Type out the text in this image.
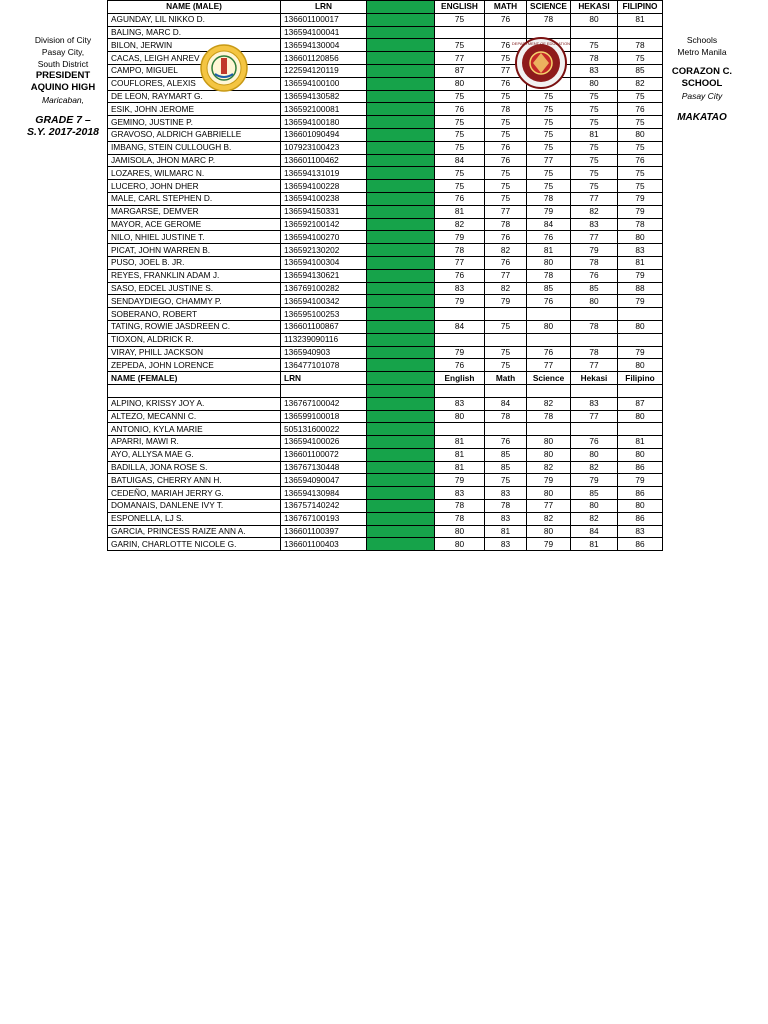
Division of City
Pasay City,
South District
PRESIDENT
AQUINO HIGH
Maricaban,
GRADE 7 –
S.Y. 2017-2018
Schools
Metro Manila
CORAZON C.
SCHOOL
Pasay City
MAKATAO
NAME (MALE)	LRN		ENGLISH	MATH	SCIENCE	HEKASI	FILIPINO
AGUNDAY, LIL NIKKO D.	136601100017		75	76	78	80	81
BALING, MARC D.	136594100041						
BILON, JERWIN	136594130004		75	76		75	78
CACAS, LEIGH ANREV	136601120856		77	75		78	75
CAMPO, MIGUEL	122594120119		87	77		83	85
COUFLORES, ALEXIS	136594100100		80	76		80	82
DE LEON, RAYMART G.	136594130582		75	75	75	75	75
ESIK, JOHN JEROME	136592100081		76	78	75	75	76
GEMINO, JUSTINE P.	136594100180		75	75	75	75	75
GRAVOSO, ALDRICH GABRIELLE	136601090494		75	75	75	81	80
IMBANG, STEIN CULLOUGH B.	107923100423		75	76	75	75	75
JAMISOLA, JHON MARC P.	136601100462		84	76	77	75	76
LOZARES, WILMARC N.	136594131019		75	75	75	75	75
LUCERO, JOHN DHER	136594100228		75	75	75	75	75
MALE, CARL STEPHEN D.	136594100238		76	75	78	77	79
MARGARSE, DEMVER	136594150331		81	77	79	82	79
MAYOR, ACE GEROME	136592100142		82	78	84	83	78
NILO, NHIEL JUSTINE T.	136594100270		79	76	76	77	80
PICAT, JOHN WARREN B.	136592130202		78	82	81	79	83
PUSO, JOEL B. JR.	136594100304		77	76	80	78	81
REYES, FRANKLIN ADAM J.	136594130621		76	77	78	76	79
SASO, EDCEL JUSTINE S.	136769100282		83	82	85	85	88
SENDAYDIEGO, CHAMMY P.	136594100342		79	79	76	80	79
SOBERANO, ROBERT	136595100253						
TATING, ROWIE JASDREEN C.	136601100867		84	75	80	78	80
TIOXON, ALDRICK R.	113239090116						
VIRAY, PHILL JACKSON	1365940903		79	75	76	78	79
ZEPEDA, JOHN LORENCE	136477101078		76	75	77	77	80
NAME (FEMALE)	LRN		English	Math	Science	Hekasi	Filipino

ALPINO, KRISSY JOY A.	136767100042		83	84	82	83	87
ALTEZO, MECANNI C.	136599100018		80	78	78	77	80
ANTONIO, KYLA MARIE	505131600022						
APARRI, MAWI R.	136594100026		81	76	80	76	81
AYO, ALLYSA MAE G.	136601100072		81	85	80	80	80
BADILLA, JONA ROSE S.	136767130448		81	85	82	82	86
BATUIGAS, CHERRY ANN H.	136594090047		79	75	79	79	79
CEDEÑO, MARIAH JERRY G.	136594130984		83	83	80	85	86
DOMANAIS, DANLENE IVY T.	136757140242		78	78	77	80	80
ESPONELLA, LJ S.	136767100193		78	83	82	82	86
GARCIA, PRINCESS RAIZE ANN A.	136601100397		80	81	80	84	83
GARIN, CHARLOTTE NICOLE G.	136601100403		80	83	79	81	86
DEPARTMENT OF EDUCATION
